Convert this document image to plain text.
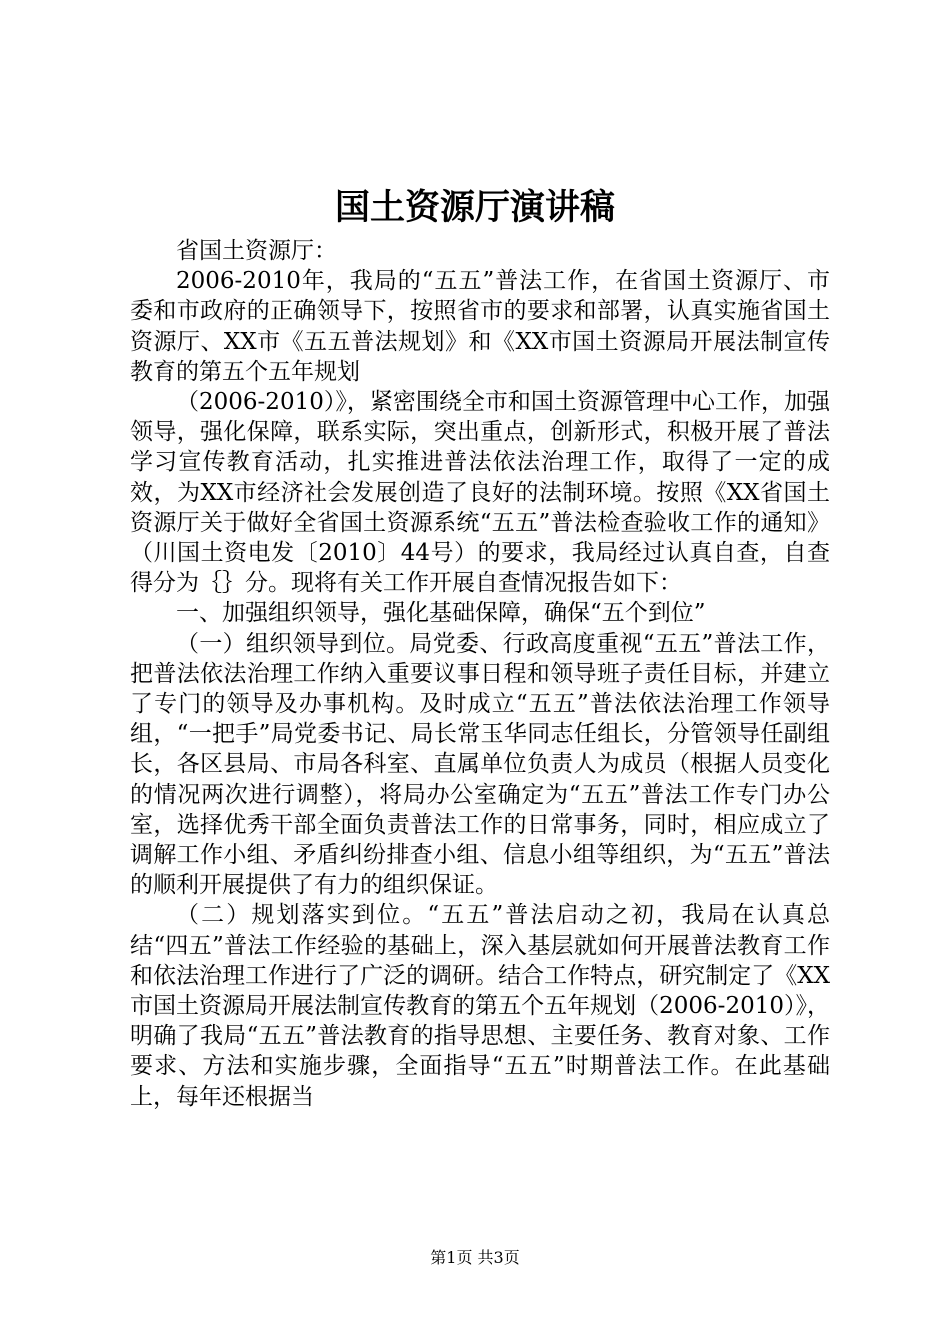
国土资源厅演讲稿

省国土资源厅：

2006-2010年，我局的“五五”普法工作，在省国土资源厅、市委和市政府的正确领导下，按照省市的要求和部署，认真实施省国土资源厅、XX市《五五普法规划》和《XX市国土资源局开展法制宣传教育的第五个五年规划

（2006-2010）》，紧密围绕全市和国土资源管理中心工作，加强领导，强化保障，联系实际，突出重点，创新形式，积极开展了普法学习宣传教育活动，扎实推进普法依法治理工作，取得了一定的成效，为XX市经济社会发展创造了良好的法制环境。按照《XX省国土资源厅关于做好全省国土资源系统“五五”普法检查验收工作的通知》（川国土资电发〔2010〕44号）的要求，我局经过认真自查，自查得分为｛｝分。现将有关工作开展自查情况报告如下：

一、加强组织领导，强化基础保障，确保“五个到位”

（一）组织领导到位。局党委、行政高度重视“五五”普法工作，把普法依法治理工作纳入重要议事日程和领导班子责任目标，并建立了专门的领导及办事机构。及时成立“五五”普法依法治理工作领导组，“一把手”局党委书记、局长常玉华同志任组长，分管领导任副组长，各区县局、市局各科室、直属单位负责人为成员（根据人员变化的情况两次进行调整），将局办公室确定为“五五”普法工作专门办公室，选择优秀干部全面负责普法工作的日常事务，同时，相应成立了调解工作小组、矛盾纠纷排查小组、信息小组等组织，为“五五”普法的顺利开展提供了有力的组织保证。

（二）规划落实到位。“五五”普法启动之初，我局在认真总结“四五”普法工作经验的基础上，深入基层就如何开展普法教育工作和依法治理工作进行了广泛的调研。结合工作特点，研究制定了《XX市国土资源局开展法制宣传教育的第五个五年规划（2006-2010）》，明确了我局“五五”普法教育的指导思想、主要任务、教育对象、工作要求、方法和实施步骤，全面指导“五五”时期普法工作。在此基础上，每年还根据当

第1页 共3页
